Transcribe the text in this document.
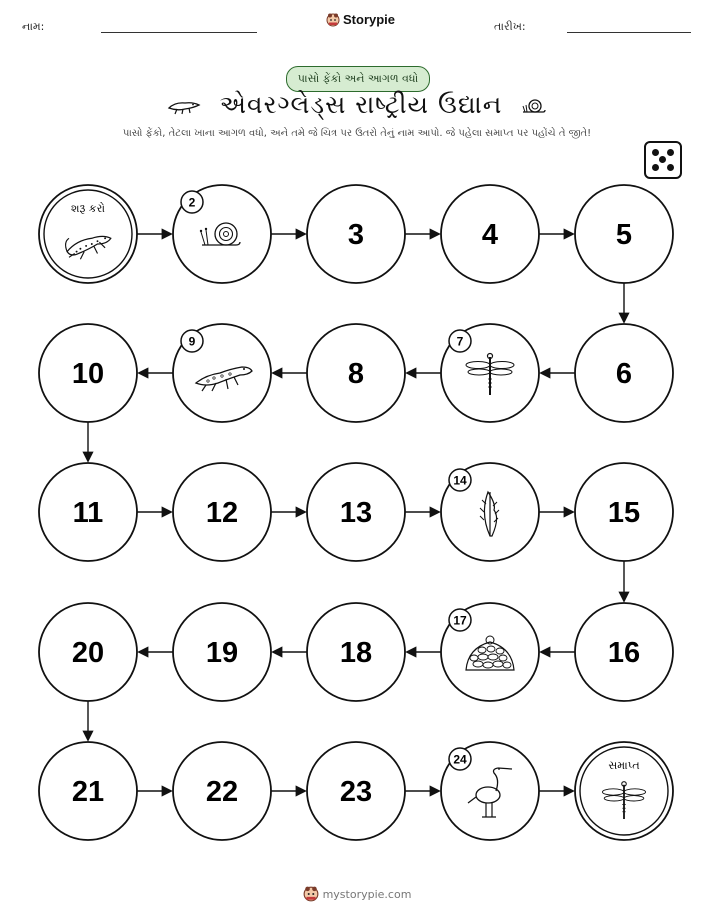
નામ:	Storypie	તારીખ:
પાસો ફેંકો અને આગળ વધો
એવરગ્લેડ્સ રાષ્ટ્રીય ઉદ્યાન
પાસો ફેંકો, તેટલા ખાના આગળ વધો, અને તમે જે ચિત્ર પર ઉતરો તેનું નામ આપો. જે પહેલા સમાપ્ત પર પહોંચે તે જીતે!
શરૂ કરો	2
3	4	5
6
7
8
9
10
11	12	13
14
15
16
17
18
19
20
21	22	23
24	સમાપ્ત
mystorypie.com
